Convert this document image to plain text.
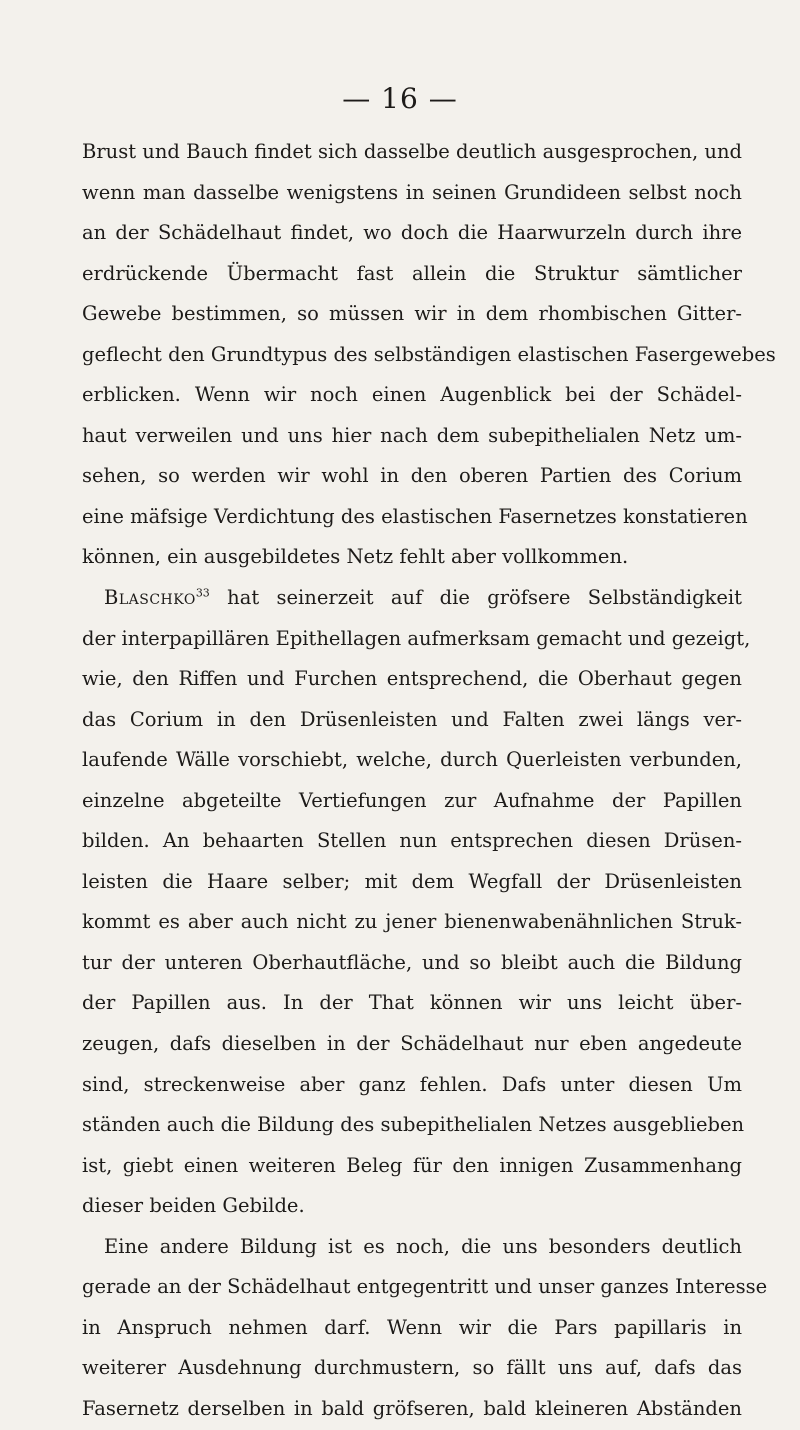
— 16 —
Brust und Bauch findet sich dasselbe deutlich ausgesprochen, und
wenn man dasselbe wenigstens in seinen Grundideen selbst noch
an der Schädelhaut findet, wo doch die Haarwurzeln durch ihre
erdrückende Übermacht fast allein die Struktur sämtlicher
Gewebe bestimmen, so müssen wir in dem rhombischen Gitter-
geflecht den Grundtypus des selbständigen elastischen Fasergewebes
erblicken. Wenn wir noch einen Augenblick bei der Schädel-
haut verweilen und uns hier nach dem subepithelialen Netz um-
sehen, so werden wir wohl in den oberen Partien des Corium
eine mäfsige Verdichtung des elastischen Fasernetzes konstatieren
können, ein ausgebildetes Netz fehlt aber vollkommen.
Blaschko$^{33}$ hat seinerzeit auf die gröfsere Selbständigkeit
der interpapillären Epithellagen aufmerksam gemacht und gezeigt,
wie, den Riffen und Furchen entsprechend, die Oberhaut gegen
das Corium in den Drüsenleisten und Falten zwei längs ver-
laufende Wälle vorschiebt, welche, durch Querleisten verbunden,
einzelne abgeteilte Vertiefungen zur Aufnahme der Papillen
bilden. An behaarten Stellen nun entsprechen diesen Drüsen-
leisten die Haare selber; mit dem Wegfall der Drüsenleisten
kommt es aber auch nicht zu jener bienenwabenähnlichen Struk-
tur der unteren Oberhautfläche, und so bleibt auch die Bildung
der Papillen aus. In der That können wir uns leicht über-
zeugen, dafs dieselben in der Schädelhaut nur eben angedeute
sind, streckenweise aber ganz fehlen. Dafs unter diesen Um
ständen auch die Bildung des subepithelialen Netzes ausgeblieben
ist, giebt einen weiteren Beleg für den innigen Zusammenhang
dieser beiden Gebilde.
Eine andere Bildung ist es noch, die uns besonders deutlich
gerade an der Schädelhaut entgegentritt und unser ganzes Interesse
in Anspruch nehmen darf. Wenn wir die Pars papillaris in
weiterer Ausdehnung durchmustern, so fällt uns auf, dafs das
Fasernetz derselben in bald gröfseren, bald kleineren Abständen
